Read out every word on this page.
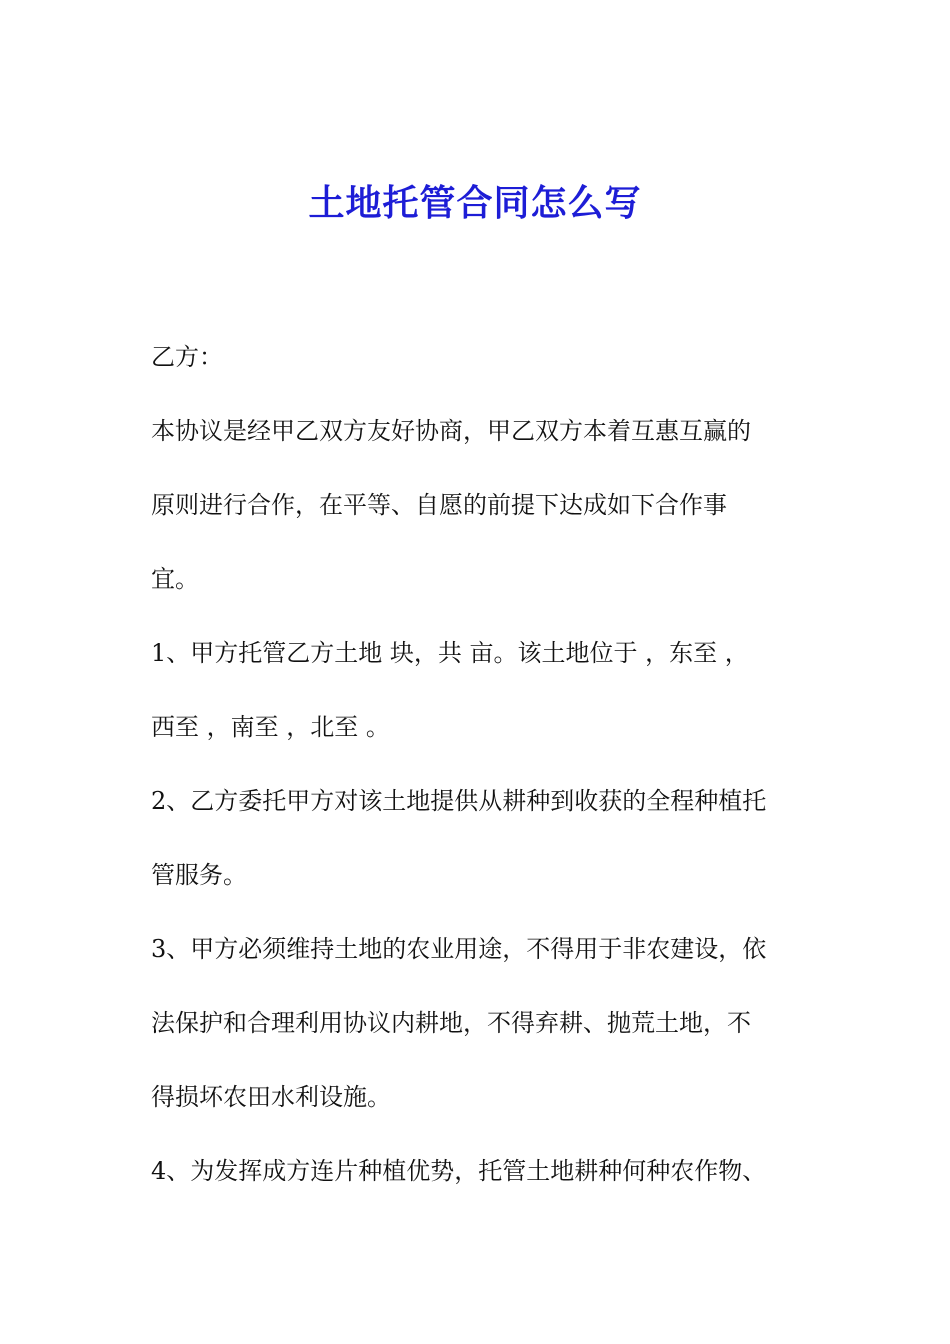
土地托管合同怎么写
乙方：
本协议是经甲乙双方友好协商，甲乙双方本着互惠互赢的
原则进行合作，在平等、自愿的前提下达成如下合作事
宜。
1、甲方托管乙方土地 块，共 亩。该土地位于 ，东至 ，
西至 ，南至 ，北至 。
2、乙方委托甲方对该土地提供从耕种到收获的全程种植托
管服务。
3、甲方必须维持土地的农业用途，不得用于非农建设，依
法保护和合理利用协议内耕地，不得弃耕、抛荒土地，不
得损坏农田水利设施。
4、为发挥成方连片种植优势，托管土地耕种何种农作物、
